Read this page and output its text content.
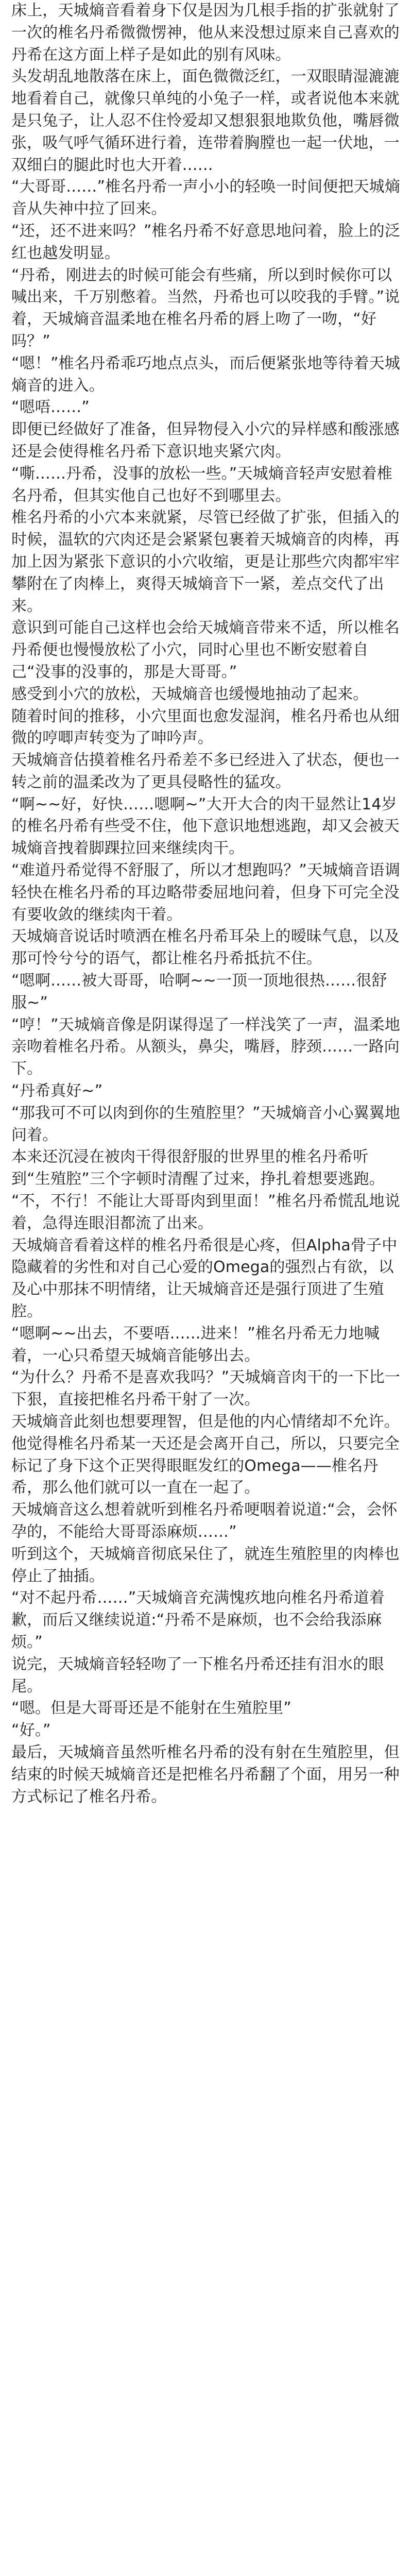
床上，天城熵音看着身下仅是因为几根手指的扩张就射了一次的椎名丹希微微愣神，他从来没想过原来自己喜欢的丹希在这方面上样子是如此的别有风味。

头发胡乱地散落在床上，面色微微泛红，一双眼睛湿漉漉地看着自己，就像只单纯的小兔子一样，或者说他本来就是只兔子，让人忍不住怜爱却又想狠狠地欺负他，嘴唇微张，吸气呼气循环进行着，连带着胸膛也一起一伏地，一双细白的腿此时也大开着……

“大哥哥……”椎名丹希一声小小的轻唤一时间便把天城熵音从失神中拉了回来。

“还，还不进来吗？”椎名丹希不好意思地问着，脸上的泛红也越发明显。

“丹希，刚进去的时候可能会有些痛，所以到时候你可以喊出来，千万别憋着。当然，丹希也可以咬我的手臂。”说着，天城熵音温柔地在椎名丹希的唇上吻了一吻，“好吗？”

“嗯！”椎名丹希乖巧地点点头，而后便紧张地等待着天城熵音的进入。

“嗯唔……”

即便已经做好了准备，但异物侵入小穴的异样感和酸涨感还是会使得椎名丹希下意识地夹紧穴肉。

“嘶……丹希，没事的放松一些。”天城熵音轻声安慰着椎名丹希，但其实他自己也好不到哪里去。

椎名丹希的小穴本来就紧，尽管已经做了扩张，但插入的时候，温软的穴肉还是会紧紧包裹着天城熵音的肉棒，再加上因为紧张下意识的小穴收缩，更是让那些穴肉都牢牢攀附在了肉棒上，爽得天城熵音下一紧，差点交代了出来。

意识到可能自己这样也会给天城熵音带来不适，所以椎名丹希便也慢慢放松了小穴，同时心里也不断安慰着自己“没事的没事的，那是大哥哥。”

感受到小穴的放松，天城熵音也缓慢地抽动了起来。

随着时间的推移，小穴里面也愈发湿润，椎名丹希也从细微的哼唧声转变为了呻吟声。

天城熵音估摸着椎名丹希差不多已经进入了状态，便也一转之前的温柔改为了更具侵略性的猛攻。

“啊~~好，好快……嗯啊~”大开大合的肉干显然让14岁的椎名丹希有些受不住，他下意识地想逃跑，却又会被天城熵音拽着脚踝拉回来继续肉干。

“难道丹希觉得不舒服了，所以才想跑吗？”天城熵音语调轻快在椎名丹希的耳边略带委屈地问着，但身下可完全没有要收敛的继续肉干着。

天城熵音说话时喷洒在椎名丹希耳朵上的暧昧气息，以及那可怜兮兮的语气，都让椎名丹希抵抗不住。

“嗯啊……被大哥哥，哈啊~~一顶一顶地很热……很舒服~”

“哼！”天城熵音像是阴谋得逞了一样浅笑了一声，温柔地亲吻着椎名丹希。从额头，鼻尖，嘴唇，脖颈……一路向下。

“丹希真好~”

“那我可不可以肉到你的生殖腔里？”天城熵音小心翼翼地问着。

本来还沉浸在被肉干得很舒服的世界里的椎名丹希听到“生殖腔”三个字顿时清醒了过来，挣扎着想要逃跑。

“不，不行！不能让大哥哥肉到里面！”椎名丹希慌乱地说着，急得连眼泪都流了出来。

天城熵音看着这样的椎名丹希很是心疼，但Alpha骨子中隐藏着的劣性和对自己心爱的Omega的强烈占有欲，以及心中那抹不明情绪，让天城熵音还是强行顶进了生殖腔。

“嗯啊~~出去，不要唔……进来！”椎名丹希无力地喊着，一心只希望天城熵音能够出去。

“为什么？丹希不是喜欢我吗？”天城熵音肉干的一下比一下狠，直接把椎名丹希干射了一次。

天城熵音此刻也想要理智，但是他的内心情绪却不允许。他觉得椎名丹希某一天还是会离开自己，所以，只要完全标记了身下这个正哭得眼眶发红的Omega——椎名丹希，那么他们就可以一直在一起了。

天城熵音这么想着就听到椎名丹希哽咽着说道:“会，会怀孕的，不能给大哥哥添麻烦……”

听到这个，天城熵音彻底呆住了，就连生殖腔里的肉棒也停止了抽插。

“对不起丹希……”天城熵音充满愧疚地向椎名丹希道着歉，而后又继续说道:“丹希不是麻烦，也不会给我添麻烦。”

说完，天城熵音轻轻吻了一下椎名丹希还挂有泪水的眼尾。

“嗯。但是大哥哥还是不能射在生殖腔里”

“好。”

最后，天城熵音虽然听椎名丹希的没有射在生殖腔里，但结束的时候天城熵音还是把椎名丹希翻了个面，用另一种方式标记了椎名丹希。
